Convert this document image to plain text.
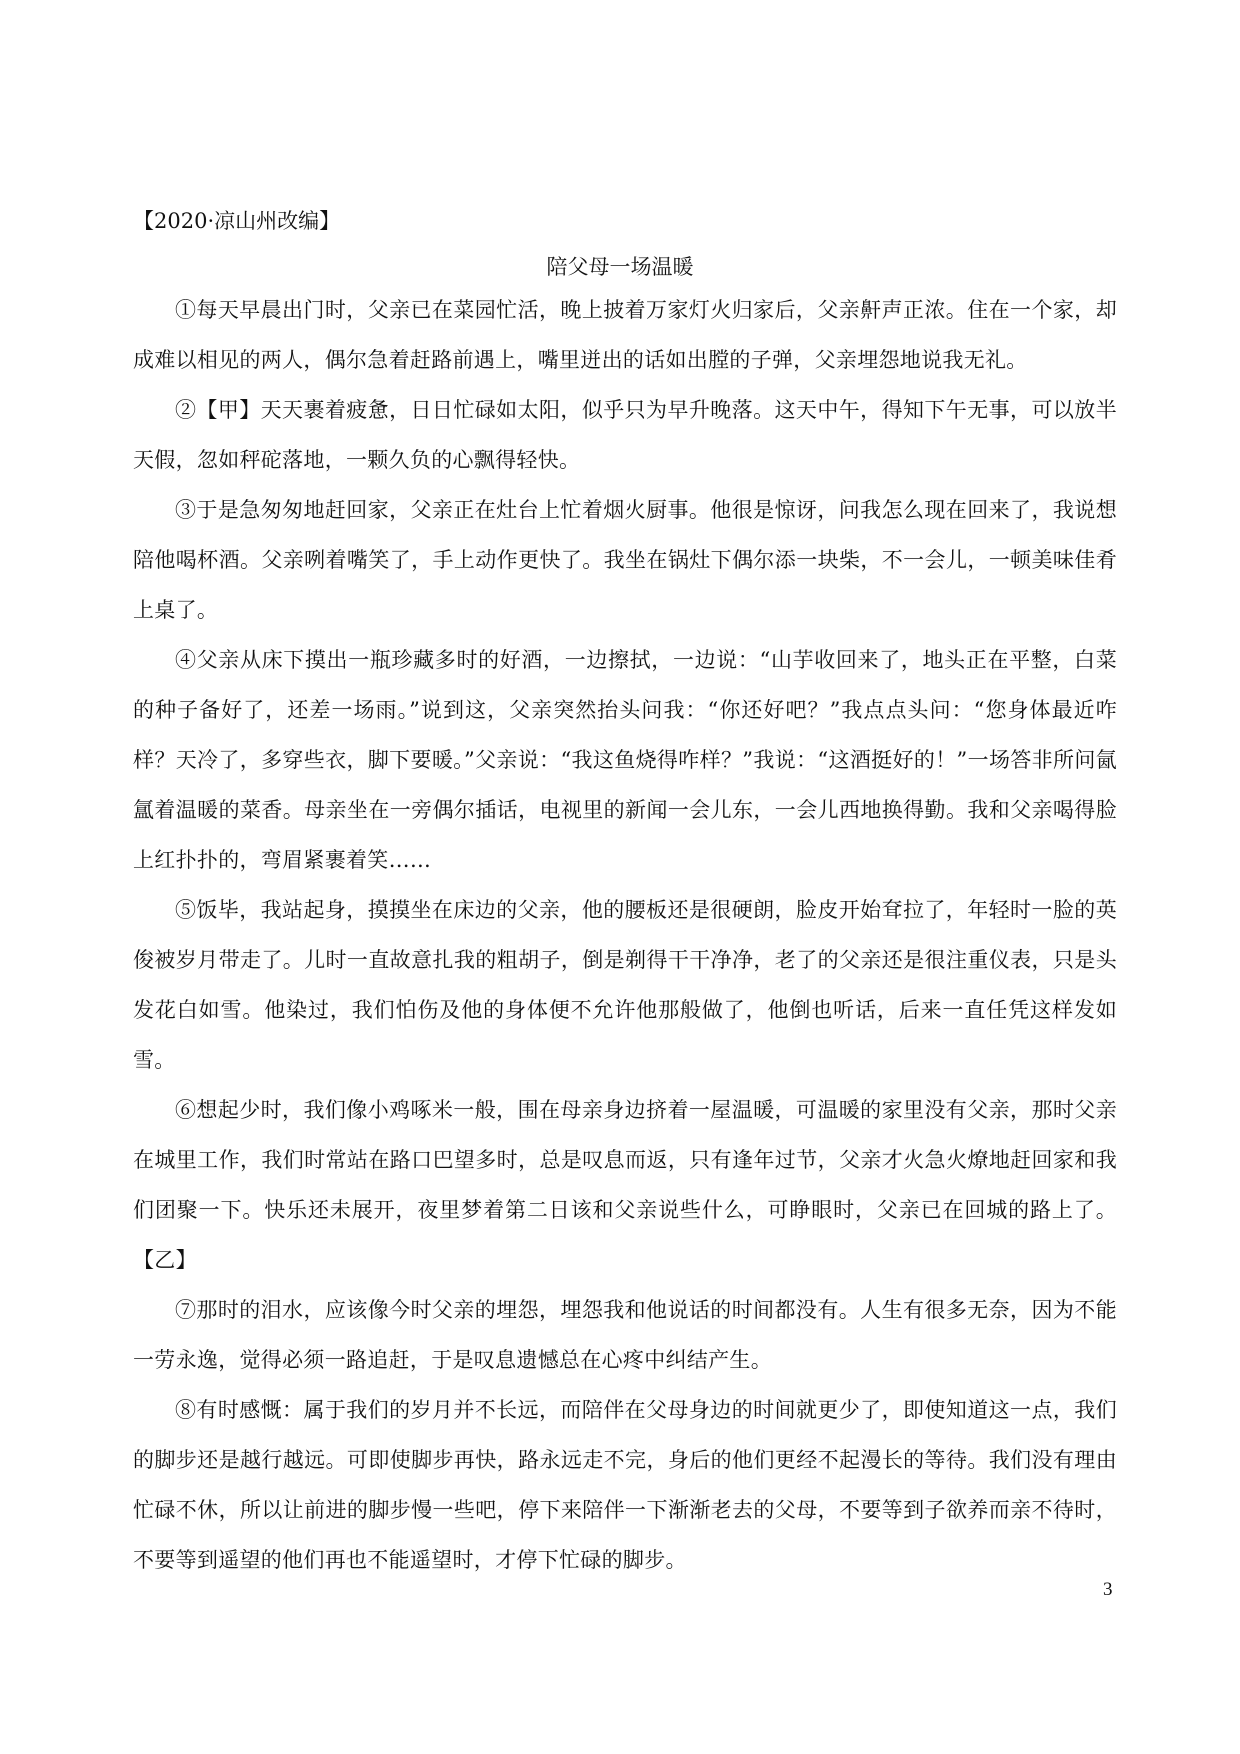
【2020·凉山州改编】
陪父母一场温暖

①每天早晨出门时，父亲已在菜园忙活，晚上披着万家灯火归家后，父亲鼾声正浓。住在一个家，却成难以相见的两人，偶尔急着赶路前遇上，嘴里迸出的话如出膛的子弹，父亲埋怨地说我无礼。

②【甲】天天裹着疲惫，日日忙碌如太阳，似乎只为早升晚落。这天中午，得知下午无事，可以放半天假，忽如秤砣落地，一颗久负的心飘得轻快。

③于是急匆匆地赶回家，父亲正在灶台上忙着烟火厨事。他很是惊讶，问我怎么现在回来了，我说想陪他喝杯酒。父亲咧着嘴笑了，手上动作更快了。我坐在锅灶下偶尔添一块柴，不一会儿，一顿美味佳肴上桌了。

④父亲从床下摸出一瓶珍藏多时的好酒，一边擦拭，一边说：“山芋收回来了，地头正在平整，白菜的种子备好了，还差一场雨。”说到这，父亲突然抬头问我：“你还好吧？”我点点头问：“您身体最近咋样？天冷了，多穿些衣，脚下要暖。”父亲说：“我这鱼烧得咋样？”我说：“这酒挺好的！”一场答非所问氤氲着温暖的菜香。母亲坐在一旁偶尔插话，电视里的新闻一会儿东，一会儿西地换得勤。我和父亲喝得脸上红扑扑的，弯眉紧裹着笑……

⑤饭毕，我站起身，摸摸坐在床边的父亲，他的腰板还是很硬朗，脸皮开始耷拉了，年轻时一脸的英俊被岁月带走了。儿时一直故意扎我的粗胡子，倒是剃得干干净净，老了的父亲还是很注重仪表，只是头发花白如雪。他染过，我们怕伤及他的身体便不允许他那般做了，他倒也听话，后来一直任凭这样发如雪。

⑥想起少时，我们像小鸡啄米一般，围在母亲身边挤着一屋温暖，可温暖的家里没有父亲，那时父亲在城里工作，我们时常站在路口巴望多时，总是叹息而返，只有逢年过节，父亲才火急火燎地赶回家和我们团聚一下。快乐还未展开，夜里梦着第二日该和父亲说些什么，可睁眼时，父亲已在回城的路上了。【乙】

⑦那时的泪水，应该像今时父亲的埋怨，埋怨我和他说话的时间都没有。人生有很多无奈，因为不能一劳永逸，觉得必须一路追赶，于是叹息遗憾总在心疼中纠结产生。

⑧有时感慨：属于我们的岁月并不长远，而陪伴在父母身边的时间就更少了，即使知道这一点，我们的脚步还是越行越远。可即使脚步再快，路永远走不完，身后的他们更经不起漫长的等待。我们没有理由忙碌不休，所以让前进的脚步慢一些吧，停下来陪伴一下渐渐老去的父母，不要等到子欲养而亲不待时，不要等到遥望的他们再也不能遥望时，才停下忙碌的脚步。

3
